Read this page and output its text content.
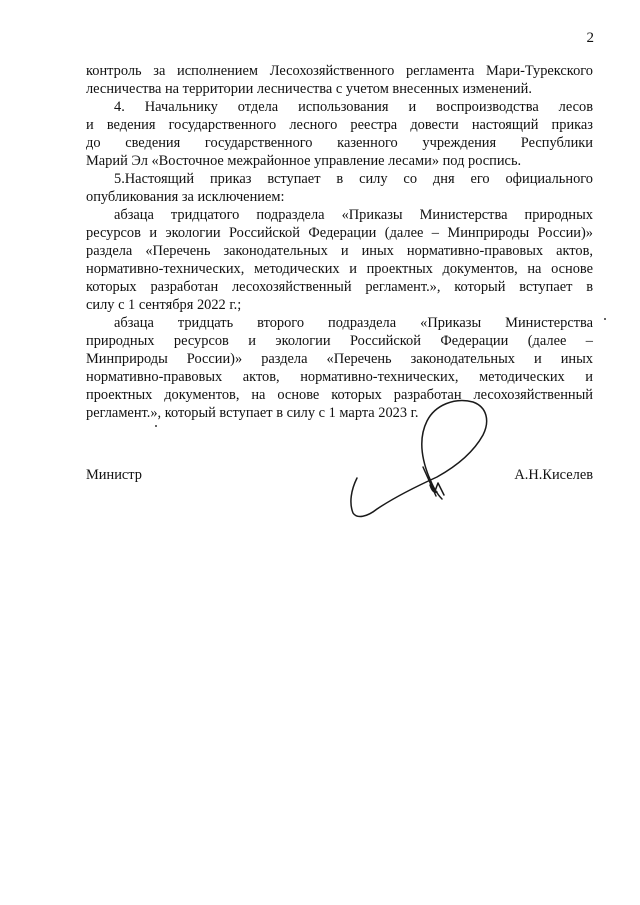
2
контроль за исполнением Лесохозяйственного регламента Мари-Турекского
лесничества на территории лесничества с учетом внесенных изменений.
4. Начальнику отдела использования и воспроизводства лесов
и ведения государственного лесного реестра довести настоящий приказ
до сведения государственного казенного учреждения Республики
Марий Эл «Восточное межрайонное управление лесами» под роспись.
5.Настоящий приказ вступает в силу со дня его официального
опубликования за исключением:
абзаца тридцатого подраздела «Приказы Министерства природных
ресурсов и экологии Российской Федерации (далее – Минприроды России)»
раздела «Перечень законодательных и иных нормативно-правовых актов,
нормативно-технических, методических и проектных документов, на основе
которых разработан лесохозяйственный регламент.», который вступает в
силу с 1 сентября 2022 г.;
абзаца тридцать второго подраздела «Приказы Министерства
природных ресурсов и экологии Российской Федерации (далее –
Минприроды России)» раздела «Перечень законодательных и иных
нормативно-правовых актов, нормативно-технических, методических и
проектных документов, на основе которых разработан лесохозяйственный
регламент.», который вступает в силу с 1 марта 2023 г.
Министр	А.Н.Киселев
